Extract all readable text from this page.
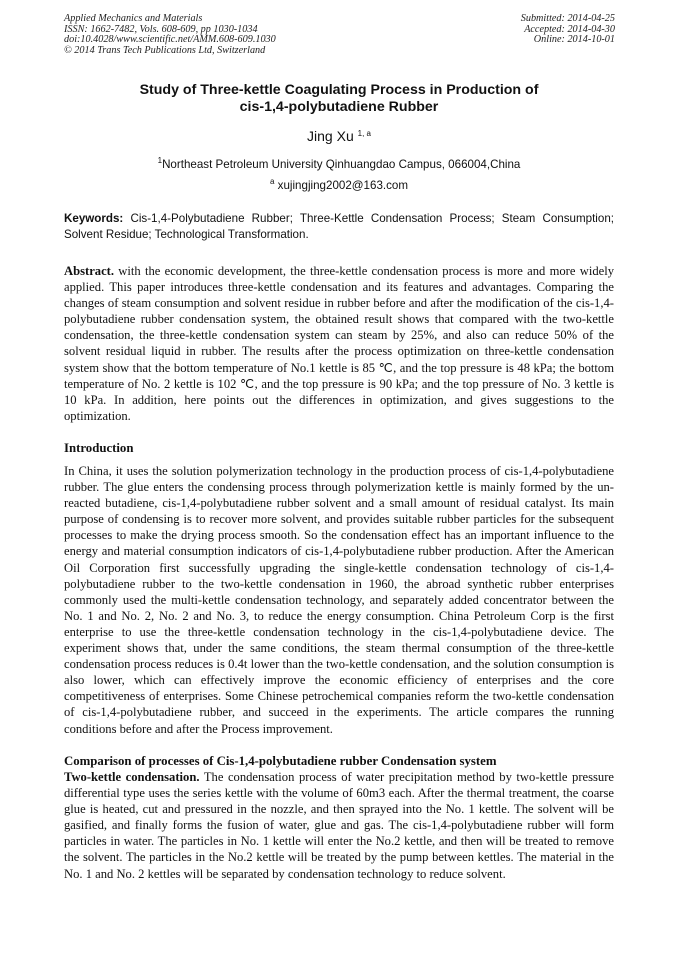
Applied Mechanics and Materials
ISSN: 1662-7482, Vols. 608-609, pp 1030-1034
doi:10.4028/www.scientific.net/AMM.608-609.1030
© 2014 Trans Tech Publications Ltd, Switzerland
Submitted: 2014-04-25
Accepted: 2014-04-30
Online: 2014-10-01
Study of Three-kettle Coagulating Process in Production of
cis-1,4-polybutadiene Rubber
Jing Xu $^{1, a}$
$^1$Northeast Petroleum University Qinhuangdao Campus, 066004,China
$^a$ xujingjing2002@163.com
Keywords: Cis-1,4-Polybutadiene Rubber; Three-Kettle Condensation Process; Steam Consumption; Solvent Residue; Technological Transformation.
Abstract. with the economic development, the three-kettle condensation process is more and more widely applied. This paper introduces three-kettle condensation and its features and advantages. Comparing the changes of steam consumption and solvent residue in rubber before and after the modification of the cis-1,4-polybutadiene rubber condensation system, the obtained result shows that compared with the two-kettle condensation, the three-kettle condensation system can steam by 25%, and also can reduce 50% of the solvent residual liquid in rubber. The results after the process optimization on three-kettle condensation system show that the bottom temperature of No.1 kettle is 85 ℃, and the top pressure is 48 kPa; the bottom temperature of No. 2 kettle is 102 ℃, and the top pressure is 90 kPa; and the top pressure of No. 3 kettle is 10 kPa. In addition, here points out the differences in optimization, and gives suggestions to the optimization.
Introduction
In China, it uses the solution polymerization technology in the production process of cis-1,4-polybutadiene rubber. The glue enters the condensing process through polymerization kettle is mainly formed by the un-reacted butadiene, cis-1,4-polybutadiene rubber solvent and a small amount of residual catalyst. Its main purpose of condensing is to recover more solvent, and provides suitable rubber particles for the subsequent processes to make the drying process smooth. So the condensation effect has an important influence to the energy and material consumption indicators of cis-1,4-polybutadiene rubber production. After the American Oil Corporation first successfully upgrading the single-kettle condensation technology of cis-1,4-polybutadiene rubber to the two-kettle condensation in 1960, the abroad synthetic rubber enterprises commonly used the multi-kettle condensation technology, and separately added concentrator between the No. 1 and No. 2, No. 2 and No. 3, to reduce the energy consumption. China Petroleum Corp is the first enterprise to use the three-kettle condensation technology in the cis-1,4-polybutadiene device. The experiment shows that, under the same conditions, the steam thermal consumption of the three-kettle condensation process reduces is 0.4t lower than the two-kettle condensation, and the solution consumption is also lower, which can effectively improve the economic efficiency of enterprises and the core competitiveness of enterprises. Some Chinese petrochemical companies reform the two-kettle condensation of cis-1,4-polybutadiene rubber, and succeed in the experiments. The article compares the running conditions before and after the Process improvement.
Comparison of processes of Cis-1,4-polybutadiene rubber Condensation system
Two-kettle condensation. The condensation process of water precipitation method by two-kettle pressure differential type uses the series kettle with the volume of 60m3 each. After the thermal treatment, the coarse glue is heated, cut and pressured in the nozzle, and then sprayed into the No. 1 kettle. The solvent will be gasified, and finally forms the fusion of water, glue and gas. The cis-1,4-polybutadiene rubber will form particles in water. The particles in No. 1 kettle will enter the No.2 kettle, and then will be treated to remove the solvent. The particles in the No.2 kettle will be treated by the pump between kettles. The material in the No. 1 and No. 2 kettles will be separated by condensation technology to reduce solvent.
